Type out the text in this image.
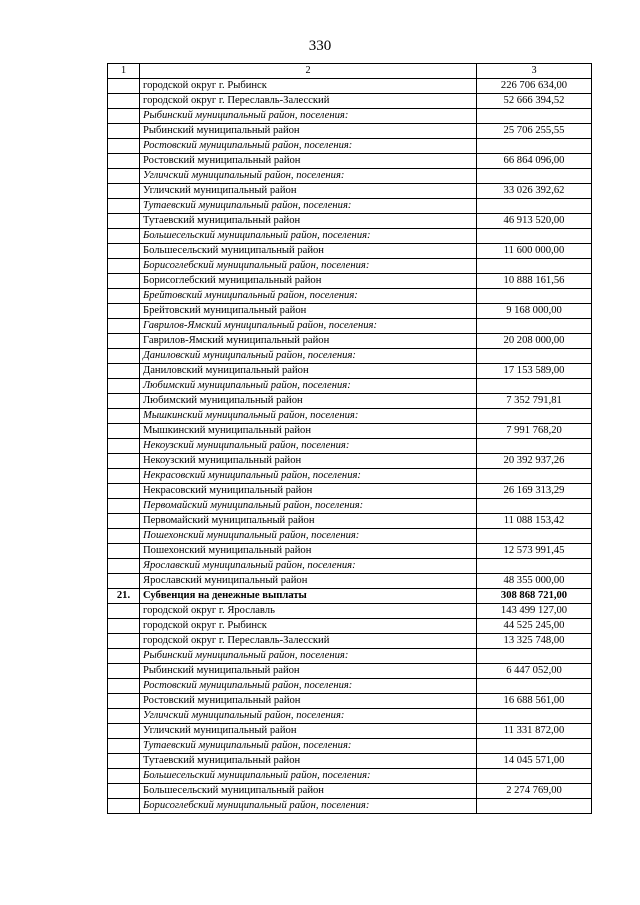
330
1	2	3
	городской округ г. Рыбинск	226 706 634,00
	городской округ г. Переславль-Залесский	52 666 394,52
	Рыбинский муниципальный район, поселения:	
	Рыбинский муниципальный район	25 706 255,55
	Ростовский муниципальный район, поселения:	
	Ростовский муниципальный район	66 864 096,00
	Угличский муниципальный район, поселения:	
	Угличский муниципальный район	33 026 392,62
	Тутаевский муниципальный район, поселения:	
	Тутаевский муниципальный район	46 913 520,00
	Большесельский муниципальный район, поселения:	
	Большесельский муниципальный район	11 600 000,00
	Борисоглебский муниципальный район, поселения:	
	Борисоглебский муниципальный район	10 888 161,56
	Брейтовский муниципальный район, поселения:	
	Брейтовский муниципальный район	9 168 000,00
	Гаврилов-Ямский муниципальный район, поселения:	
	Гаврилов-Ямский муниципальный район	20 208 000,00
	Даниловский муниципальный район, поселения:	
	Даниловский муниципальный район	17 153 589,00
	Любимский муниципальный район, поселения:	
	Любимский муниципальный район	7 352 791,81
	Мышкинский муниципальный район, поселения:	
	Мышкинский муниципальный район	7 991 768,20
	Некоузский муниципальный район, поселения:	
	Некоузский муниципальный район	20 392 937,26
	Некрасовский муниципальный район, поселения:	
	Некрасовский муниципальный район	26 169 313,29
	Первомайский муниципальный район, поселения:	
	Первомайский муниципальный район	11 088 153,42
	Пошехонский муниципальный район, поселения:	
	Пошехонский муниципальный район	12 573 991,45
	Ярославский муниципальный район, поселения:	
	Ярославский муниципальный район	48 355 000,00
21.	Субвенция на денежные выплаты	308 868 721,00
	городской округ г. Ярославль	143 499 127,00
	городской округ г. Рыбинск	44 525 245,00
	городской округ г. Переславль-Залесский	13 325 748,00
	Рыбинский муниципальный район, поселения:	
	Рыбинский муниципальный район	6 447 052,00
	Ростовский муниципальный район, поселения:	
	Ростовский муниципальный район	16 688 561,00
	Угличский муниципальный район, поселения:	
	Угличский муниципальный район	11 331 872,00
	Тутаевский муниципальный район, поселения:	
	Тутаевский муниципальный район	14 045 571,00
	Большесельский муниципальный район, поселения:	
	Большесельский муниципальный район	2 274 769,00
	Борисоглебский муниципальный район, поселения:	
